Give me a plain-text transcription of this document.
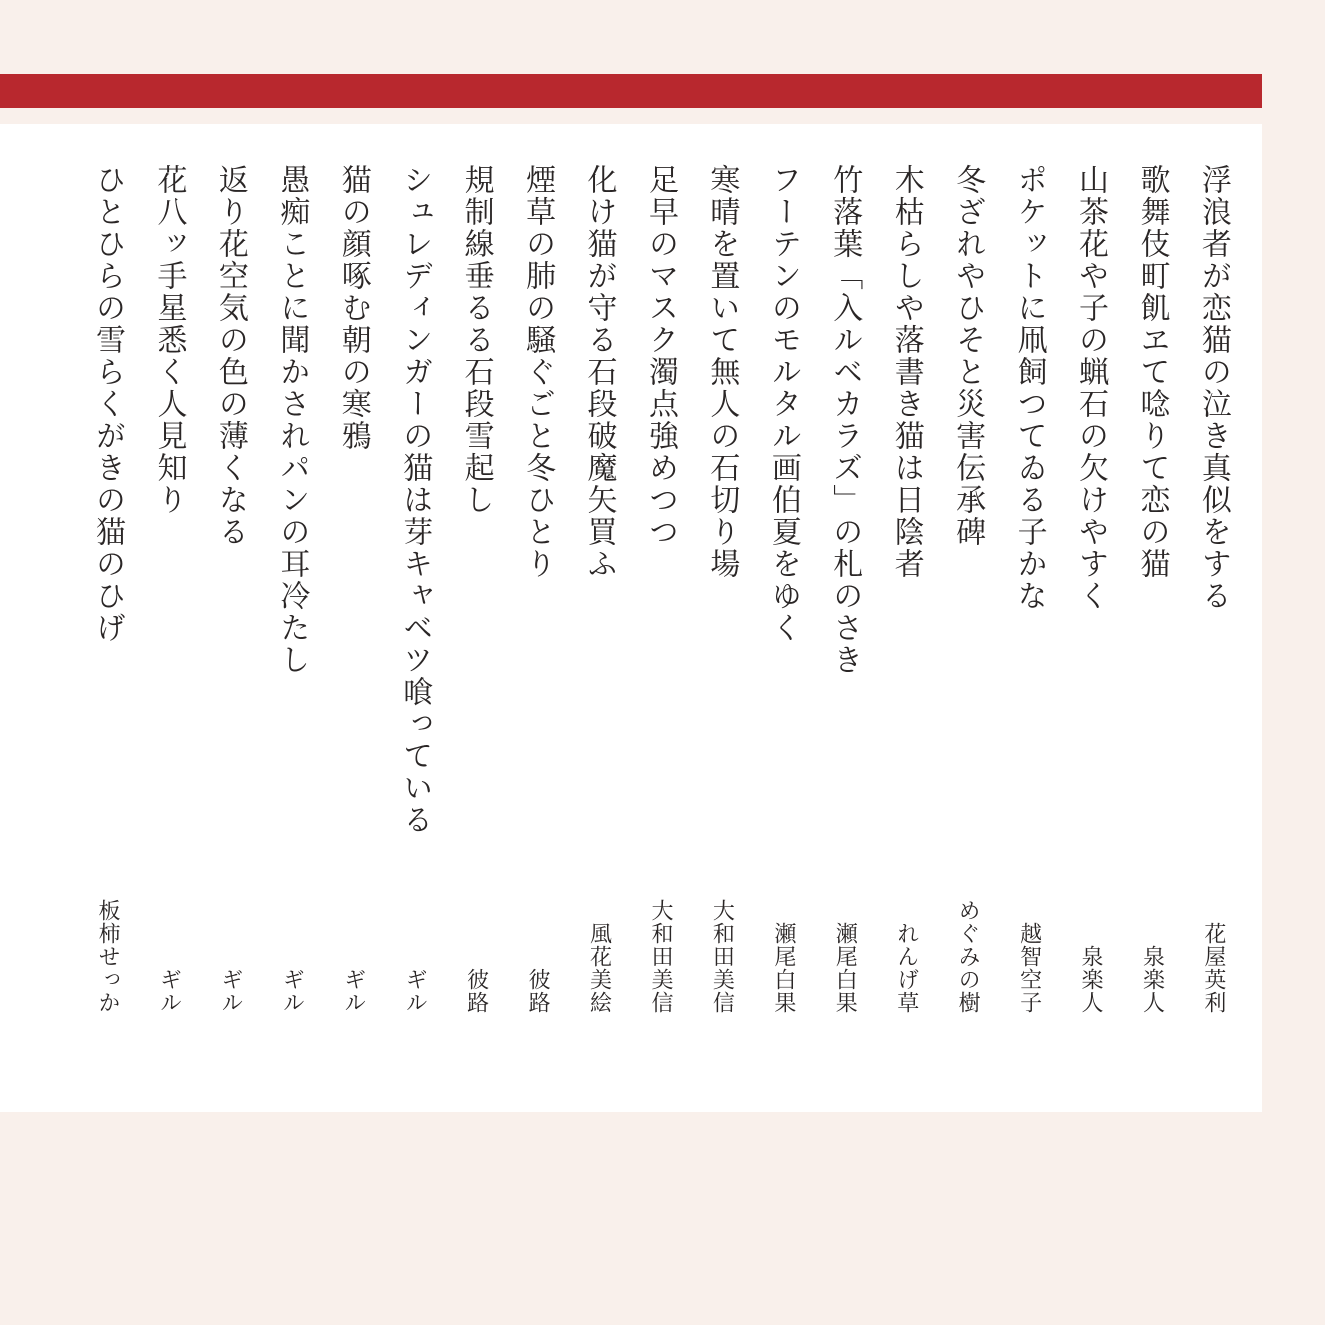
浮浪者が恋猫の泣き真似をする
花屋英利
歌舞伎町飢ヱて唸りて恋の猫
泉楽人
山茶花や子の蝋石の欠けやすく
泉楽人
ポケットに凧飼つてゐる子かな
越智空子
冬ざれやひそと災害伝承碑
めぐみの樹
木枯らしや落書き猫は日陰者
れんげ草
竹落葉「入ルベカラズ」の札のさき
瀬尾白果
フーテンのモルタル画伯夏をゆく
瀬尾白果
寒晴を置いて無人の石切り場
大和田美信
足早のマスク濁点強めつつ
大和田美信
化け猫が守る石段破魔矢買ふ
風花美絵
煙草の肺の騒ぐごと冬ひとり
彼路
規制線垂るる石段雪起し
彼路
シュレディンガーの猫は芽キャベツ喰っている
ギル
猫の顔啄む朝の寒鴉
ギル
愚痴ことに聞かされパンの耳冷たし
ギル
返り花空気の色の薄くなる
ギル
花八ッ手星悉く人見知り
ギル
ひとひらの雪らくがきの猫のひげ
板柿せっか
